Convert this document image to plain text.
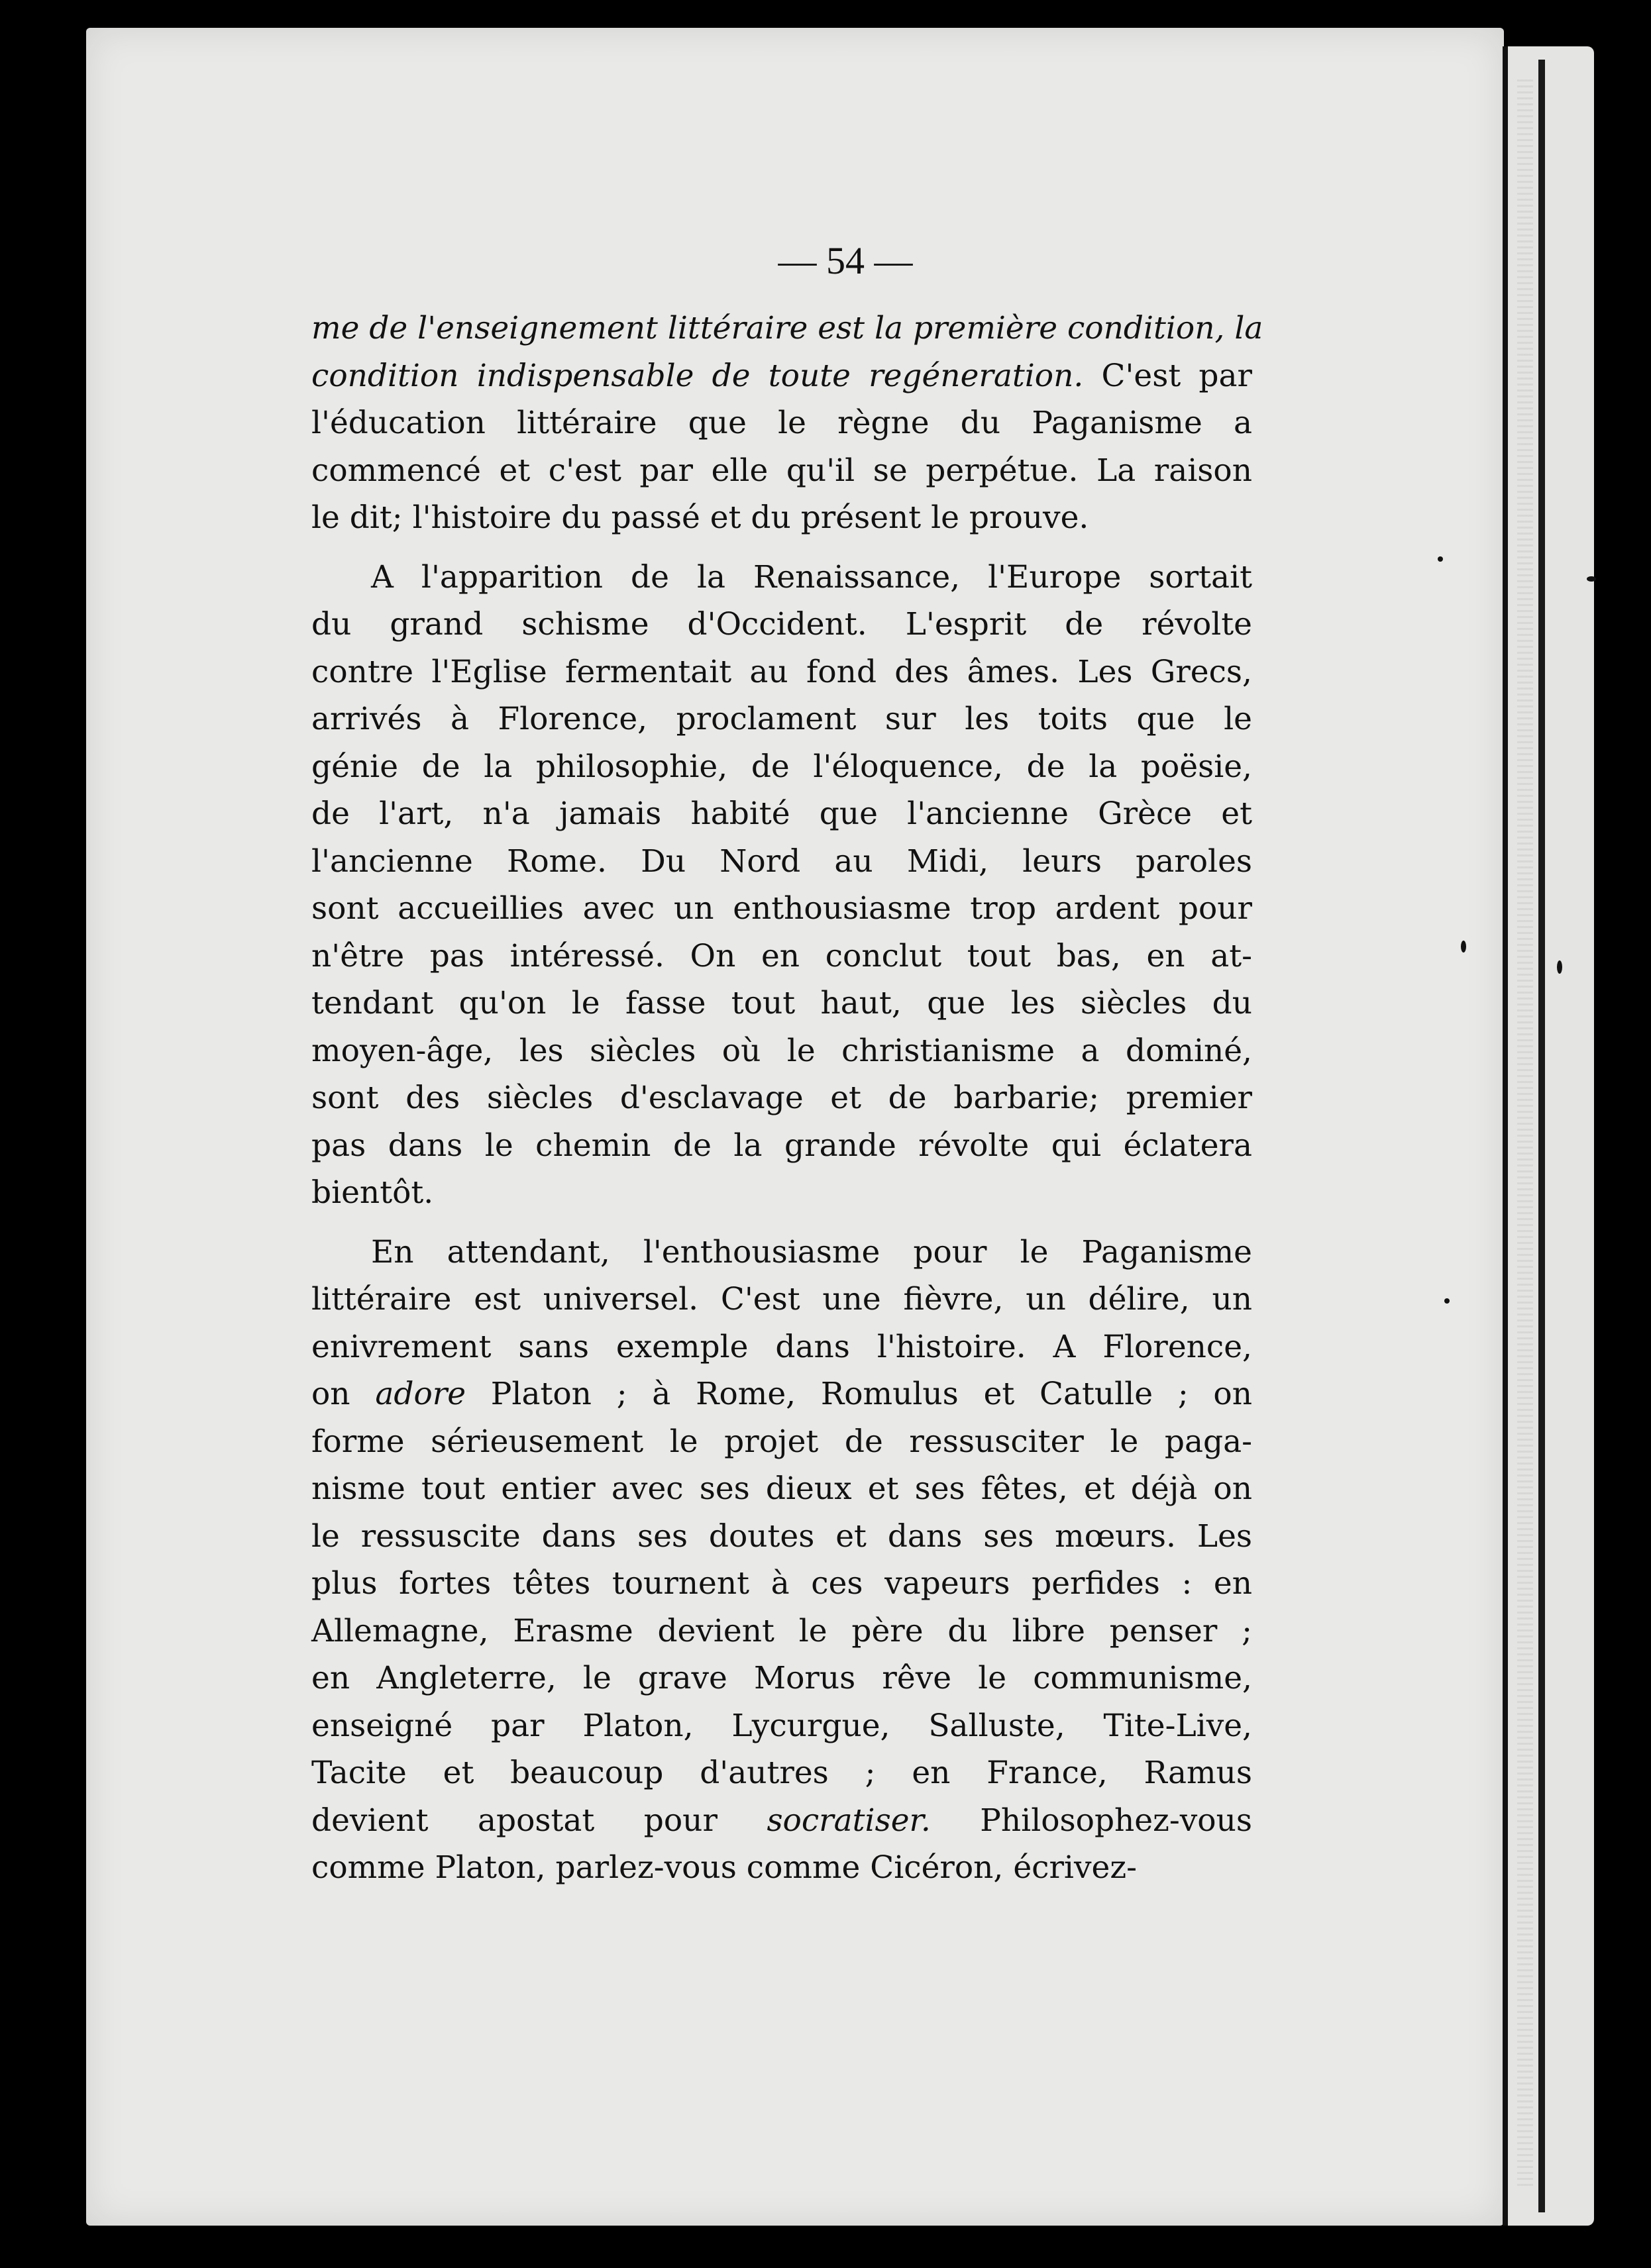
— 54 —
me de l'enseignement littéraire est la première condition, la
condition indispensable de toute regéneration. C'est par
l'éducation littéraire que le règne du Paganisme a
commencé et c'est par elle qu'il se perpétue. La raison
le dit; l'histoire du passé et du présent le prouve.
A l'apparition de la Renaissance, l'Europe sortait
du grand schisme d'Occident. L'esprit de révolte
contre l'Eglise fermentait au fond des âmes. Les Grecs,
arrivés à Florence, proclament sur les toits que le
génie de la philosophie, de l'éloquence, de la poësie,
de l'art, n'a jamais habité que l'ancienne Grèce et
l'ancienne Rome. Du Nord au Midi, leurs paroles
sont accueillies avec un enthousiasme trop ardent pour
n'être pas intéressé. On en conclut tout bas, en at-
tendant qu'on le fasse tout haut, que les siècles du
moyen-âge, les siècles où le christianisme a dominé,
sont des siècles d'esclavage et de barbarie; premier
pas dans le chemin de la grande révolte qui éclatera
bientôt.
En attendant, l'enthousiasme pour le Paganisme
littéraire est universel. C'est une fièvre, un délire, un
enivrement sans exemple dans l'histoire. A Florence,
on adore Platon ; à Rome, Romulus et Catulle ; on
forme sérieusement le projet de ressusciter le paga-
nisme tout entier avec ses dieux et ses fêtes, et déjà on
le ressuscite dans ses doutes et dans ses mœurs. Les
plus fortes têtes tournent à ces vapeurs perfides : en
Allemagne, Erasme devient le père du libre penser ;
en Angleterre, le grave Morus rêve le communisme,
enseigné par Platon, Lycurgue, Salluste, Tite-Live,
Tacite et beaucoup d'autres ; en France, Ramus
devient apostat pour socratiser. Philosophez-vous
comme Platon, parlez-vous comme Cicéron, écrivez-
